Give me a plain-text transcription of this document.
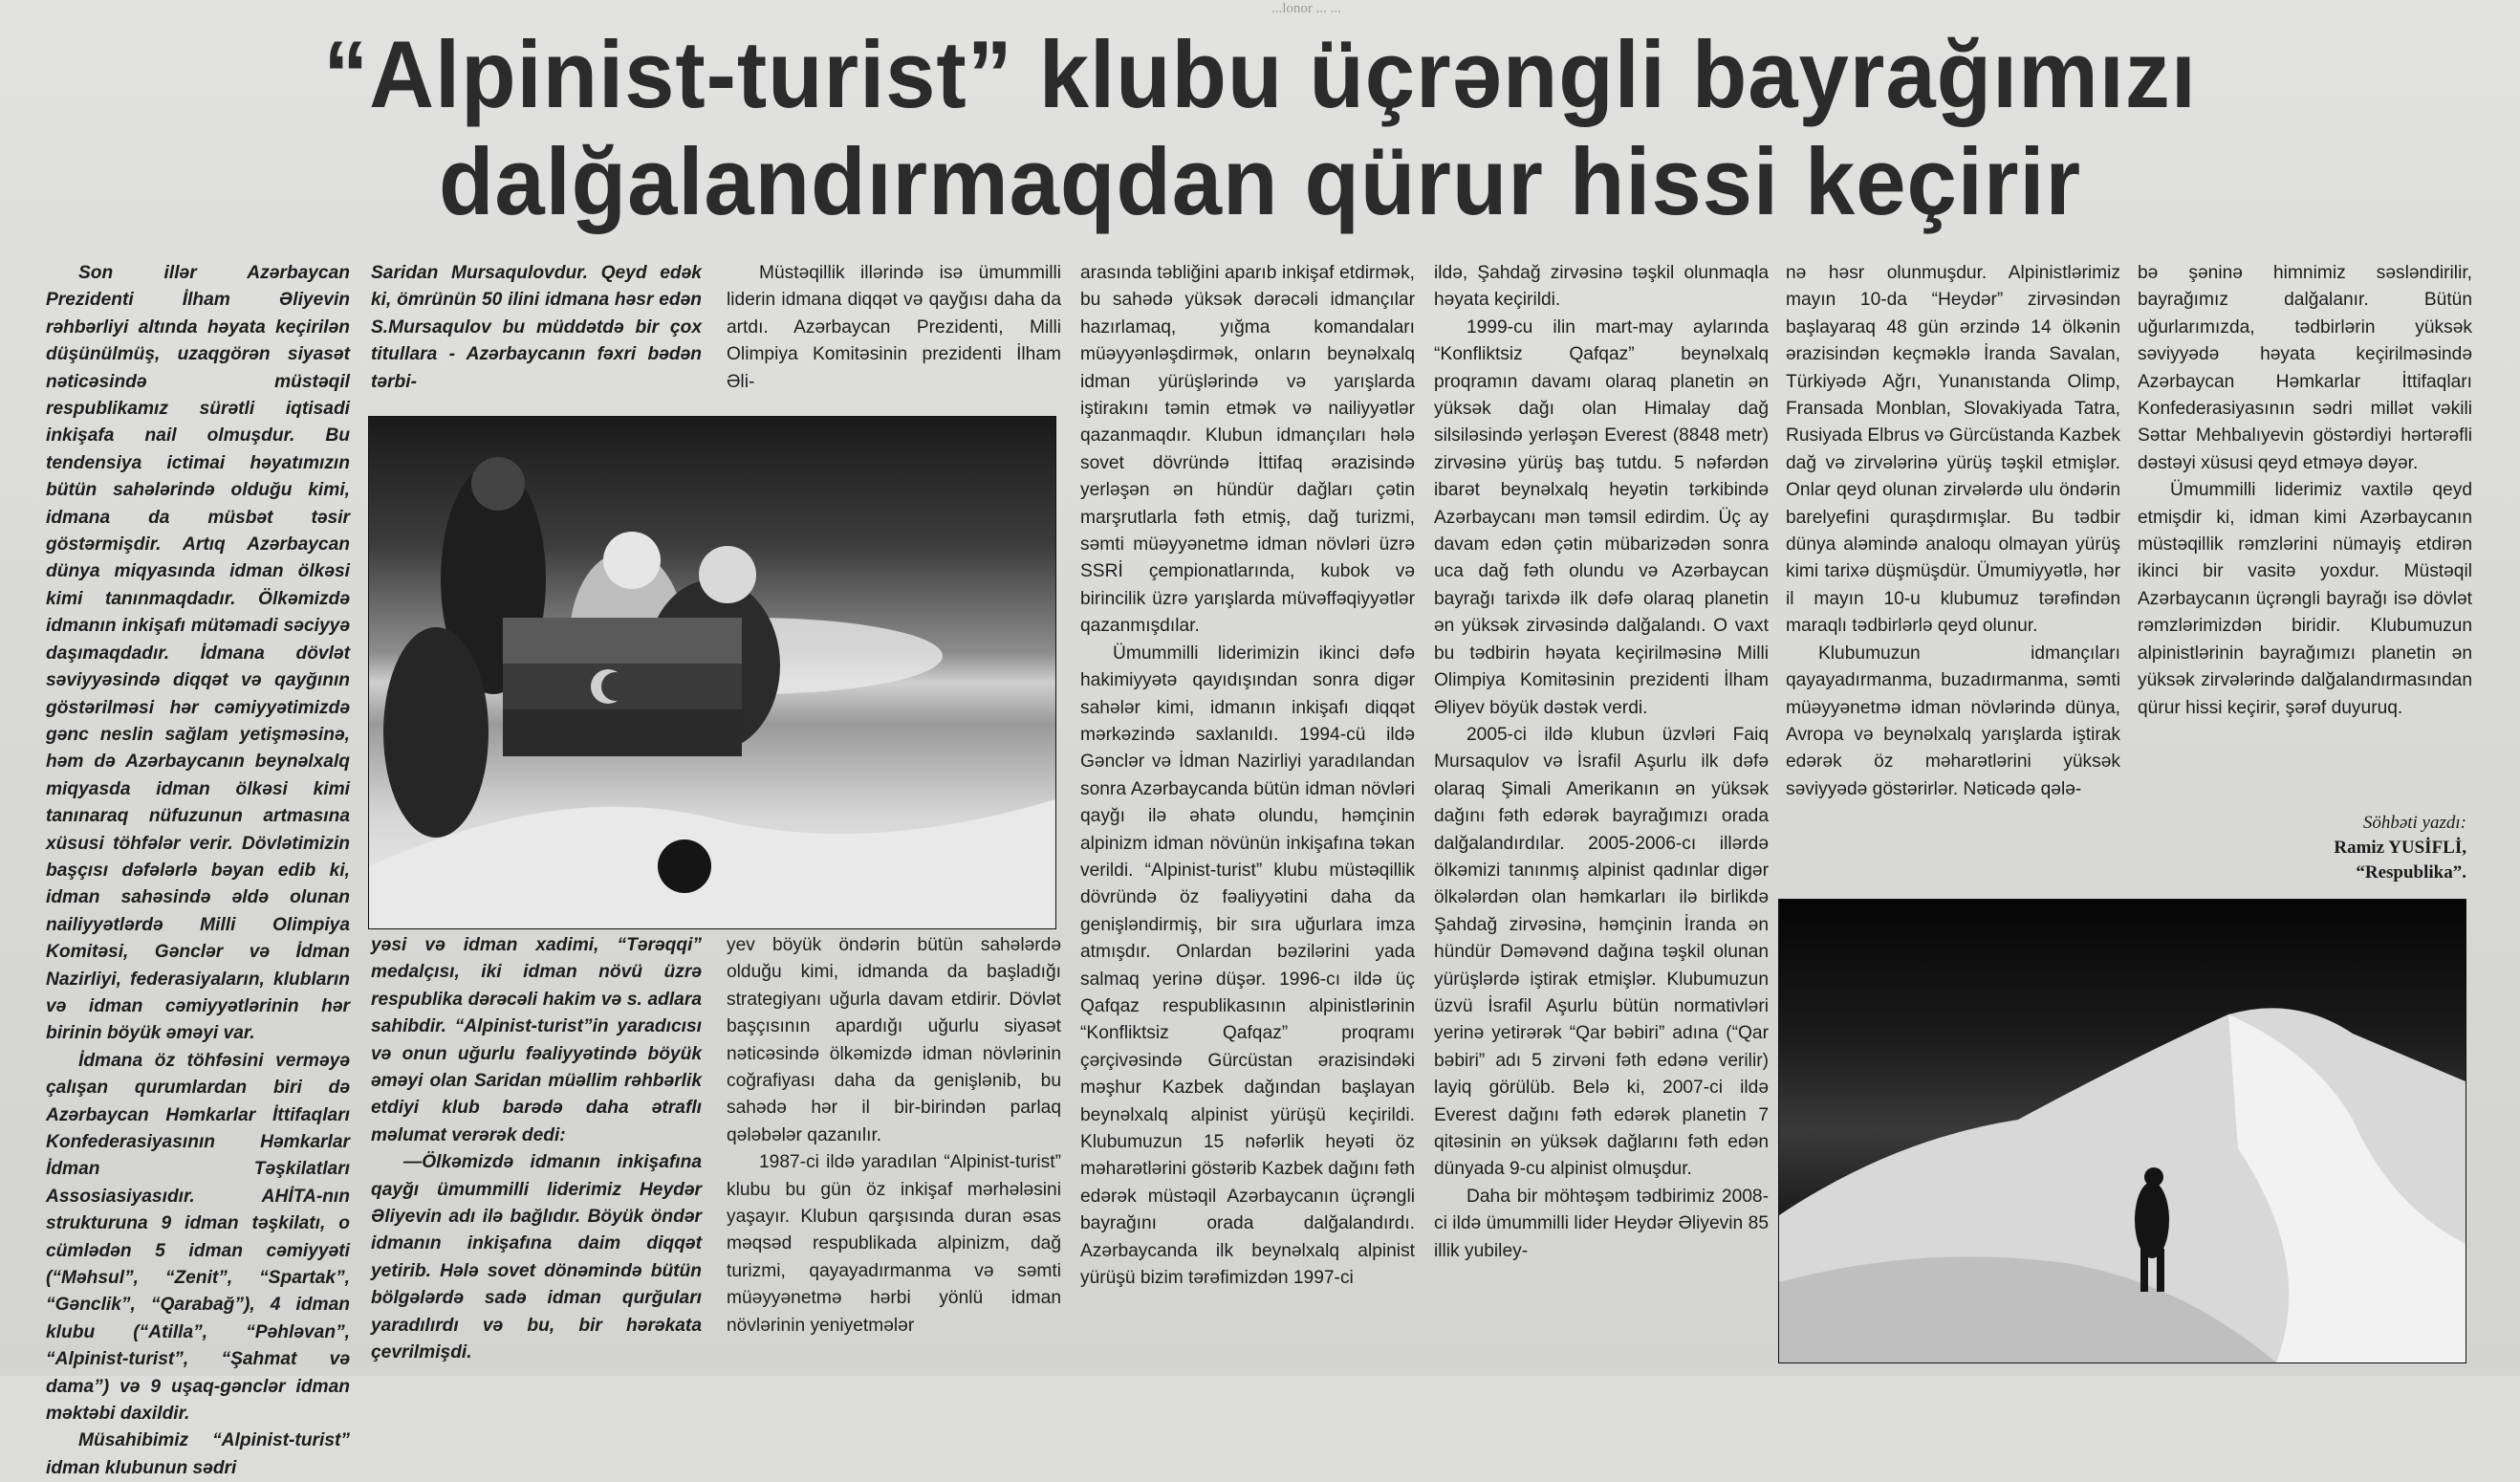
...lonor ... ...
“Alpinist-turist” klubu üçrəngli bayrağımızı
dalğalandırmaqdan qürur hissi keçirir

Son illər Azərbaycan Prezidenti İlham Əliyevin rəhbərliyi altında həyata keçirilən düşünülmüş, uzaqgörən siyasət nəticəsində müstəqil respublikamız sürətli iqtisadi inkişafa nail olmuşdur. Bu tendensiya ictimai həyatımızın bütün sahələrində olduğu kimi, idmana da müsbət təsir göstərmişdir. Artıq Azərbaycan dünya miqyasında idman ölkəsi kimi tanınmaqdadır. Ölkəmizdə idmanın inkişafı mütəmadi səciyyə daşımaqdadır. İdmana dövlət səviyyəsində diqqət və qayğının göstərilməsi hər cəmiyyətimizdə gənc neslin sağlam yetişməsinə, həm də Azərbaycanın beynəlxalq miqyasda idman ölkəsi kimi tanınaraq nüfuzunun artmasına xüsusi töhfələr verir. Dövlətimizin başçısı dəfələrlə bəyan edib ki, idman sahəsində əldə olunan nailiyyətlərdə Milli Olimpiya Komitəsi, Gənclər və İdman Nazirliyi, federasiyaların, klubların və idman cəmiyyətlərinin hər birinin böyük əməyi var.

İdmana öz töhfəsini verməyə çalışan qurumlardan biri də Azərbaycan Həmkarlar İttifaqları Konfederasiyasının Həmkarlar İdman Təşkilatları Assosiasiyasıdır. AHİTA-nın strukturuna 9 idman təşkilatı, o cümlədən 5 idman cəmiyyəti (“Məhsul”, “Zenit”, “Spartak”, “Gənclik”, “Qarabağ”), 4 idman klubu (“Atilla”, “Pəhləvan”, “Alpinist-turist”, “Şahmat və dama”) və 9 uşaq-gənclər idman məktəbi daxildir.

Müsahibimiz “Alpinist-turist” idman klubunun sədri

Saridan Mursaqulovdur. Qeyd edək ki, ömrünün 50 ilini idmana həsr edən S.Mursaqulov bu müddətdə bir çox titullara - Azərbaycanın fəxri bədən tərbi-

Müstəqillik illərində isə ümummilli liderin idmana diqqət və qayğısı daha da artdı. Azərbaycan Prezidenti, Milli Olimpiya Komitəsinin prezidenti İlham Əli-

yəsi və idman xadimi, “Tərəqqi” medalçısı, iki idman növü üzrə respublika dərəcəli hakim və s. adlara sahibdir. “Alpinist-turist”in yaradıcısı və onun uğurlu fəaliyyətində böyük əməyi olan Saridan müəllim rəhbərlik etdiyi klub barədə daha ətraflı məlumat verərək dedi:

—Ölkəmizdə idmanın inkişafına qayğı ümummilli liderimiz Heydər Əliyevin adı ilə bağlıdır. Böyük öndər idmanın inkişafına daim diqqət yetirib. Hələ sovet dönəmində bütün bölgələrdə sadə idman qurğuları yaradılırdı və bu, bir hərəkata çevrilmişdi.

yev böyük öndərin bütün sahələrdə olduğu kimi, idmanda da başladığı strategiyanı uğurla davam etdirir. Dövlət başçısının apardığı uğurlu siyasət nəticəsində ölkəmizdə idman növlərinin coğrafiyası daha da genişlənib, bu sahədə hər il bir-birindən parlaq qələbələr qazanılır.

1987-ci ildə yaradılan “Alpinist-turist” klubu bu gün öz inkişaf mərhələsini yaşayır. Klubun qarşısında duran əsas məqsəd respublikada alpinizm, dağ turizmi, qayayadırmanma və səmti müəyyənetmə hərbi yönlü idman növlərinin yeniyetmələr

arasında təbliğini aparıb inkişaf etdirmək, bu sahədə yüksək dərəcəli idmançılar hazırlamaq, yığma komandaları müəyyənləşdirmək, onların beynəlxalq idman yürüşlərində və yarışlarda iştirakını təmin etmək və nailiyyətlər qazanmaqdır. Klubun idmançıları hələ sovet dövründə İttifaq ərazisində yerləşən ən hündür dağları çətin marşrutlarla fəth etmiş, dağ turizmi, səmti müəyyənetmə idman növləri üzrə SSRİ çempionatlarında, kubok və birincilik üzrə yarışlarda müvəffəqiyyətlər qazanmışdılar.

Ümummilli liderimizin ikinci dəfə hakimiyyətə qayıdışından sonra digər sahələr kimi, idmanın inkişafı diqqət mərkəzində saxlanıldı. 1994-cü ildə Gənclər və İdman Nazirliyi yaradılandan sonra Azərbaycanda bütün idman növləri qayğı ilə əhatə olundu, həmçinin alpinizm idman növünün inkişafına təkan verildi. “Alpinist-turist” klubu müstəqillik dövründə öz fəaliyyətini daha da genişləndirmiş, bir sıra uğurlara imza atmışdır. Onlardan bəzilərini yada salmaq yerinə düşər. 1996-cı ildə üç Qafqaz respublikasının alpinistlərinin “Konfliktsiz Qafqaz” proqramı çərçivəsində Gürcüstan ərazisindəki məşhur Kazbek dağından başlayan beynəlxalq alpinist yürüşü keçirildi. Klubumuzun 15 nəfərlik heyəti öz məharətlərini göstərib Kazbek dağını fəth edərək müstəqil Azərbaycanın üçrəngli bayrağını orada dalğalandırdı. Azərbaycanda ilk beynəlxalq alpinist yürüşü bizim tərəfimizdən 1997-ci

ildə, Şahdağ zirvəsinə təşkil olunmaqla həyata keçirildi.

1999-cu ilin mart-may aylarında “Konfliktsiz Qafqaz” beynəlxalq proqramın davamı olaraq planetin ən yüksək dağı olan Himalay dağ silsiləsində yerləşən Everest (8848 metr) zirvəsinə yürüş baş tutdu. 5 nəfərdən ibarət beynəlxalq heyətin tərkibində Azərbaycanı mən təmsil edirdim. Üç ay davam edən çətin mübarizədən sonra uca dağ fəth olundu və Azərbaycan bayrağı tarixdə ilk dəfə olaraq planetin ən yüksək zirvəsində dalğalandı. O vaxt bu tədbirin həyata keçirilməsinə Milli Olimpiya Komitəsinin prezidenti İlham Əliyev böyük dəstək verdi.

2005-ci ildə klubun üzvləri Faiq Mursaqulov və İsrafil Aşurlu ilk dəfə olaraq Şimali Amerikanın ən yüksək dağını fəth edərək bayrağımızı orada dalğalandırdılar. 2005-2006-cı illərdə ölkəmizi tanınmış alpinist qadınlar digər ölkələrdən olan həmkarları ilə birlikdə Şahdağ zirvəsinə, həmçinin İranda ən hündür Dəməvənd dağına təşkil olunan yürüşlərdə iştirak etmişlər. Klubumuzun üzvü İsrafil Aşurlu bütün normativləri yerinə yetirərək “Qar bəbiri” adına (“Qar bəbiri” adı 5 zirvəni fəth edənə verilir) layiq görülüb. Belə ki, 2007-ci ildə Everest dağını fəth edərək planetin 7 qitəsinin ən yüksək dağlarını fəth edən dünyada 9-cu alpinist olmuşdur.

Daha bir möhtəşəm tədbirimiz 2008-ci ildə ümummilli lider Heydər Əliyevin 85 illik yubiley-

nə həsr olunmuşdur. Alpinistlərimiz mayın 10-da “Heydər” zirvəsindən başlayaraq 48 gün ərzində 14 ölkənin ərazisindən keçməklə İranda Savalan, Türkiyədə Ağrı, Yunanıstanda Olimp, Fransada Monblan, Slovakiyada Tatra, Rusiyada Elbrus və Gürcüstanda Kazbek dağ və zirvələrinə yürüş təşkil etmişlər. Onlar qeyd olunan zirvələrdə ulu öndərin barelyefini quraşdırmışlar. Bu tədbir dünya aləmində analoqu olmayan yürüş kimi tarixə düşmüşdür. Ümumiyyətlə, hər il mayın 10-u klubumuz tərəfindən maraqlı tədbirlərlə qeyd olunur.

Klubumuzun idmançıları qayayadırmanma, buzadırmanma, səmti müəyyənetmə idman növlərində dünya, Avropa və beynəlxalq yarışlarda iştirak edərək öz məharətlərini yüksək səviyyədə göstərirlər. Nəticədə qələ-

bə şəninə himnimiz səsləndirilir, bayrağımız dalğalanır. Bütün uğurlarımızda, tədbirlərin yüksək səviyyədə həyata keçirilməsində Azərbaycan Həmkarlar İttifaqları Konfederasiyasının sədri millət vəkili Səttar Mehbalıyevin göstərdiyi hərtərəfli dəstəyi xüsusi qeyd etməyə dəyər.

Ümummilli liderimiz vaxtilə qeyd etmişdir ki, idman kimi Azərbaycanın müstəqillik rəmzlərini nümayiş etdirən ikinci bir vasitə yoxdur. Müstəqil Azərbaycanın üçrəngli bayrağı isə dövlət rəmzlərimizdən biridir. Klubumuzun alpinistlərinin bayrağımızı planetin ən yüksək zirvələrində dalğalandırmasından qürur hissi keçirir, şərəf duyuruq.

Söhbəti yazdı:
Ramiz YUSİFLİ,
“Respublika”.
